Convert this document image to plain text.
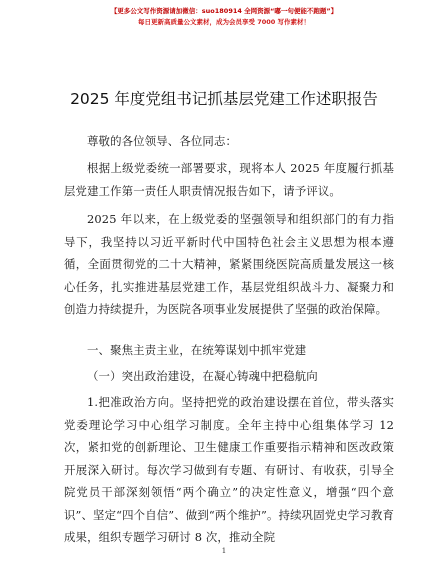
【更多公文写作资源请加微信：suo180914 全网资源“嘟一句便能不跑题”】
每日更新高质量公文素材，成为会员享受 7000 写作素材！
2025 年度党组书记抓基层党建工作述职报告

尊敬的各位领导、各位同志：

根据上级党委统一部署要求，现将本人 2025 年度履行抓基层党建工作第一责任人职责情况报告如下，请予评议。

2025 年以来，在上级党委的坚强领导和组织部门的有力指导下，我坚持以习近平新时代中国特色社会主义思想为根本遵循，全面贯彻党的二十大精神，紧紧围绕医院高质量发展这一核心任务，扎实推进基层党建工作，基层党组织战斗力、凝聚力和创造力持续提升，为医院各项事业发展提供了坚强的政治保障。

一、聚焦主责主业，在统筹谋划中抓牢党建

（一）突出政治建设，在凝心铸魂中把稳航向

1.把准政治方向。坚持把党的政治建设摆在首位，带头落实党委理论学习中心组学习制度。全年主持中心组集体学习 12 次，紧扣党的创新理论、卫生健康工作重要指示精神和医改政策开展深入研讨。每次学习做到有专题、有研讨、有收获，引导全院党员干部深刻领悟“两个确立”的决定性意义，增强“四个意识”、坚定“四个自信”、做到“两个维护”。持续巩固党史学习教育成果，组织专题学习研讨 8 次，推动全院

1
